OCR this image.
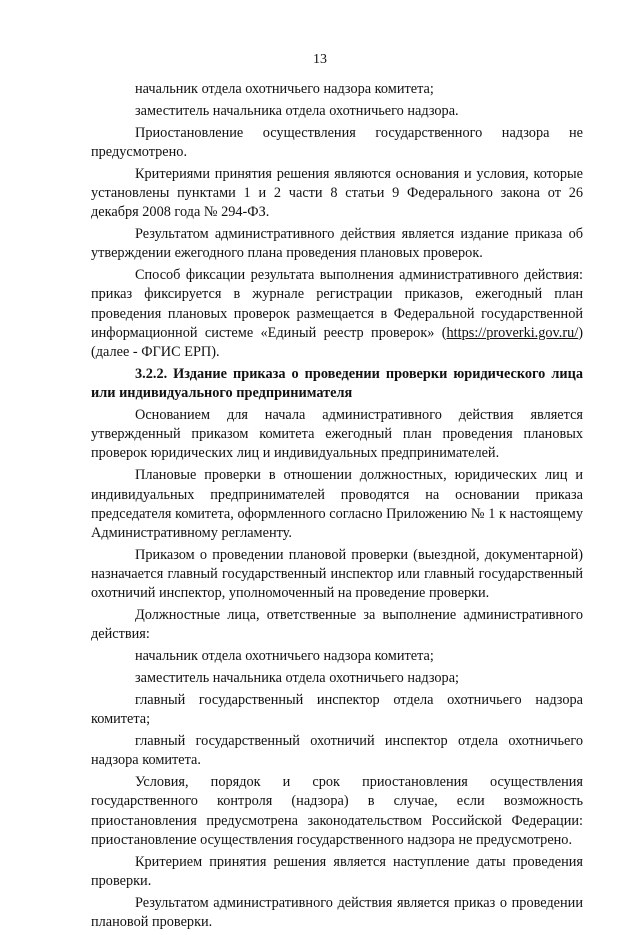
13

начальник отдела охотничьего надзора комитета;

заместитель начальника отдела охотничьего надзора.

Приостановление осуществления государственного надзора не предусмотрено.

Критериями принятия решения являются основания и условия, которые установлены пунктами 1 и 2 части 8 статьи 9 Федерального закона от 26 декабря 2008 года № 294-ФЗ.

Результатом административного действия является издание приказа об утверждении ежегодного плана проведения плановых проверок.

Способ фиксации результата выполнения административного действия: приказ фиксируется в журнале регистрации приказов, ежегодный план проведения плановых проверок размещается в Федеральной государственной информационной системе «Единый реестр проверок» (https://proverki.gov.ru/) (далее - ФГИС ЕРП).

3.2.2. Издание приказа о проведении проверки юридического лица или индивидуального предпринимателя

Основанием для начала административного действия является утвержденный приказом комитета ежегодный план проведения плановых проверок юридических лиц и индивидуальных предпринимателей.

Плановые проверки в отношении должностных, юридических лиц и индивидуальных предпринимателей проводятся на основании приказа председателя комитета, оформленного согласно Приложению № 1 к настоящему Административному регламенту.

Приказом о проведении плановой проверки (выездной, документарной) назначается главный государственный инспектор или главный государственный охотничий инспектор, уполномоченный на проведение проверки.

Должностные лица, ответственные за выполнение административного действия:

начальник отдела охотничьего надзора комитета;

заместитель начальника отдела охотничьего надзора;

главный государственный инспектор отдела охотничьего надзора комитета;

главный государственный охотничий инспектор отдела охотничьего надзора комитета.

Условия, порядок и срок приостановления осуществления государственного контроля (надзора) в случае, если возможность приостановления предусмотрена законодательством Российской Федерации: приостановление осуществления государственного надзора не предусмотрено.

Критерием принятия решения является наступление даты проведения проверки.

Результатом административного действия является приказ о проведении плановой проверки.
